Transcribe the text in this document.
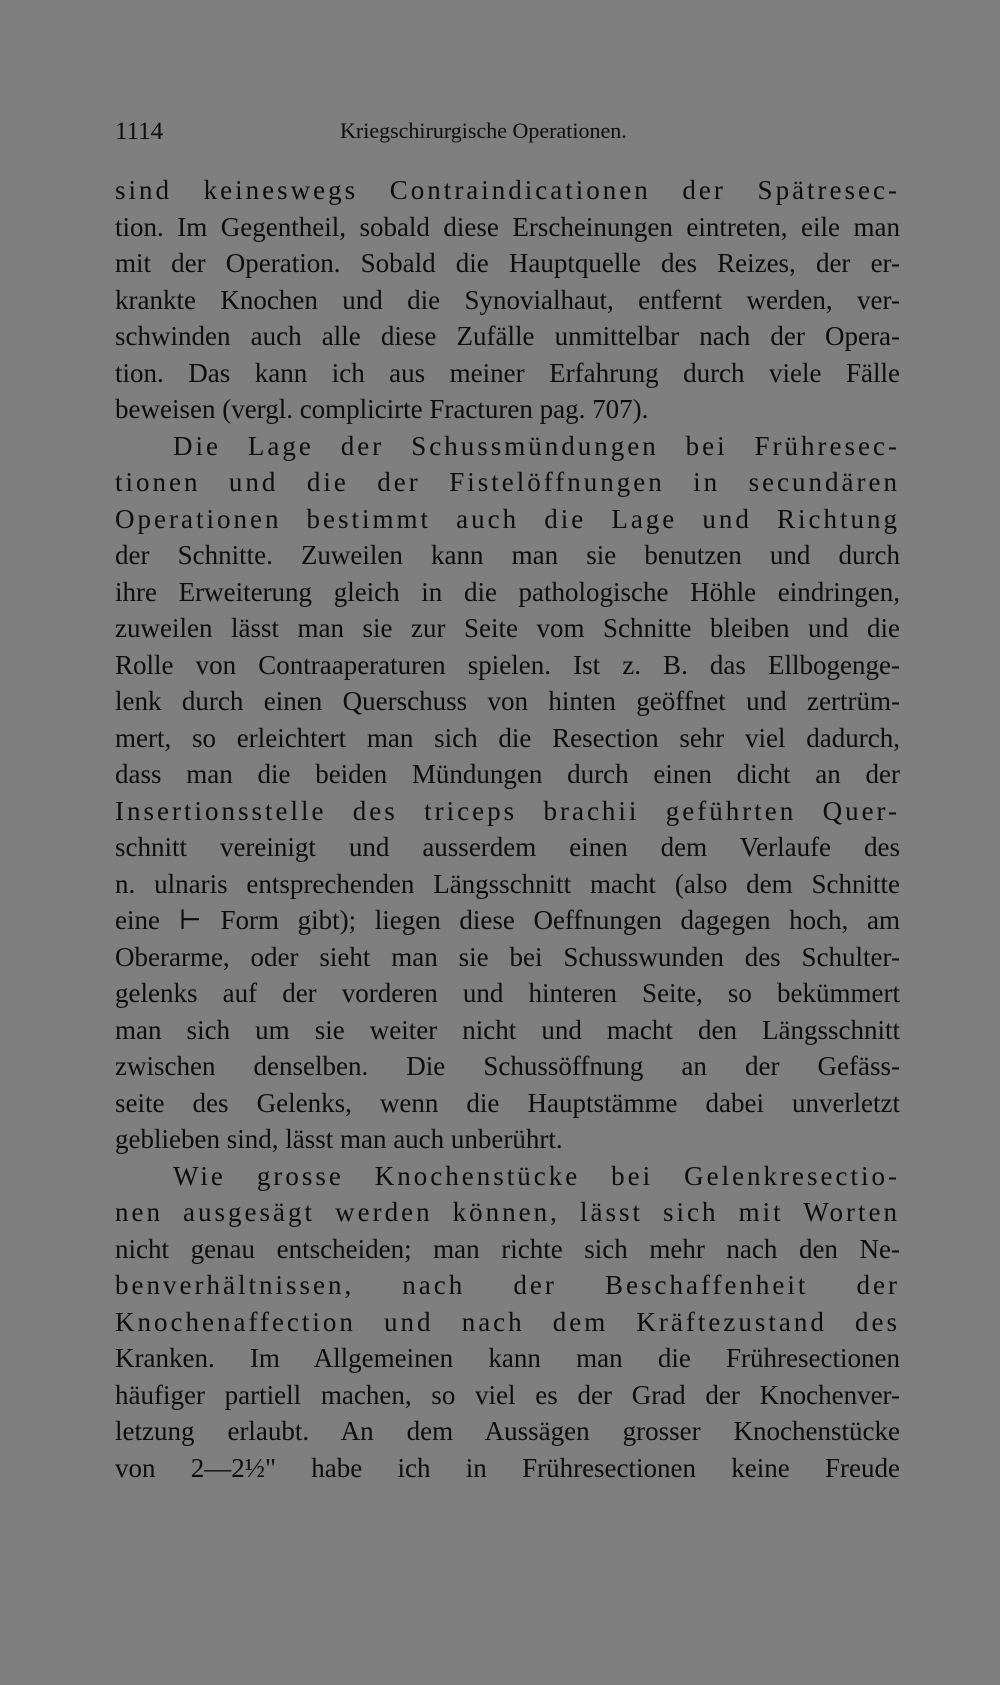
1114	Kriegschirurgische Operationen.
sind keineswegs Contraindicationen der Spätresec-
tion. Im Gegentheil, sobald diese Erscheinungen eintreten, eile man
mit der Operation. Sobald die Hauptquelle des Reizes, der er-
krankte Knochen und die Synovialhaut, entfernt werden, ver-
schwinden auch alle diese Zufälle unmittelbar nach der Opera-
tion. Das kann ich aus meiner Erfahrung durch viele Fälle
beweisen (vergl. complicirte Fracturen pag. 707).
Die Lage der Schussmündungen bei Frühresec-
tionen und die der Fistelöffnungen in secundären
Operationen bestimmt auch die Lage und Richtung
der Schnitte. Zuweilen kann man sie benutzen und durch
ihre Erweiterung gleich in die pathologische Höhle eindringen,
zuweilen lässt man sie zur Seite vom Schnitte bleiben und die
Rolle von Contraaperaturen spielen. Ist z. B. das Ellbogenge-
lenk durch einen Querschuss von hinten geöffnet und zertrüm-
mert, so erleichtert man sich die Resection sehr viel dadurch,
dass man die beiden Mündungen durch einen dicht an der
Insertionsstelle des triceps brachii geführten Quer-
schnitt vereinigt und ausserdem einen dem Verlaufe des
n. ulnaris entsprechenden Längsschnitt macht (also dem Schnitte
eine ⊢ Form gibt); liegen diese Oeffnungen dagegen hoch, am
Oberarme, oder sieht man sie bei Schusswunden des Schulter-
gelenks auf der vorderen und hinteren Seite, so bekümmert
man sich um sie weiter nicht und macht den Längsschnitt
zwischen denselben. Die Schussöffnung an der Gefäss-
seite des Gelenks, wenn die Hauptstämme dabei unverletzt
geblieben sind, lässt man auch unberührt.
Wie grosse Knochenstücke bei Gelenkresectio-
nen ausgesägt werden können, lässt sich mit Worten
nicht genau entscheiden; man richte sich mehr nach den Ne-
benverhältnissen, nach der Beschaffenheit der
Knochenaffection und nach dem Kräftezustand des
Kranken. Im Allgemeinen kann man die Frühresectionen
häufiger partiell machen, so viel es der Grad der Knochenver-
letzung erlaubt. An dem Aussägen grosser Knochenstücke
von 2—2½" habe ich in Frühresectionen keine Freude
